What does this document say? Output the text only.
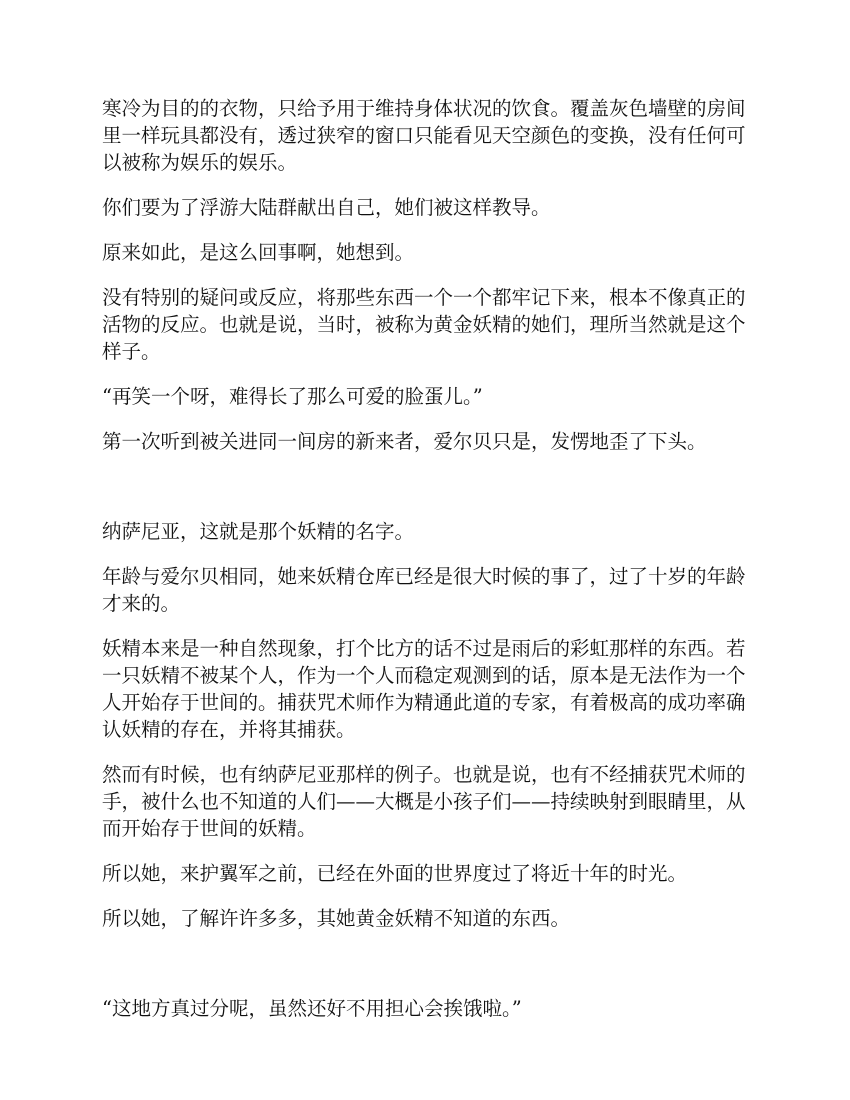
寒冷为目的的衣物，只给予用于维持身体状况的饮食。覆盖灰色墙壁的房间里一样玩具都没有，透过狭窄的窗口只能看见天空颜色的变换，没有任何可以被称为娱乐的娱乐。

你们要为了浮游大陆群献出自己，她们被这样教导。

原来如此，是这么回事啊，她想到。

没有特别的疑问或反应，将那些东西一个一个都牢记下来，根本不像真正的活物的反应。也就是说，当时，被称为黄金妖精的她们，理所当然就是这个样子。

“再笑一个呀，难得长了那么可爱的脸蛋儿。”

第一次听到被关进同一间房的新来者，爱尔贝只是，发愣地歪了下头。

纳萨尼亚，这就是那个妖精的名字。

年龄与爱尔贝相同，她来妖精仓库已经是很大时候的事了，过了十岁的年龄才来的。

妖精本来是一种自然现象，打个比方的话不过是雨后的彩虹那样的东西。若一只妖精不被某个人，作为一个人而稳定观测到的话，原本是无法作为一个人开始存于世间的。捕获咒术师作为精通此道的专家，有着极高的成功率确认妖精的存在，并将其捕获。

然而有时候，也有纳萨尼亚那样的例子。也就是说，也有不经捕获咒术师的手，被什么也不知道的人们——大概是小孩子们——持续映射到眼睛里，从而开始存于世间的妖精。

所以她，来护翼军之前，已经在外面的世界度过了将近十年的时光。

所以她，了解许许多多，其她黄金妖精不知道的东西。

“这地方真过分呢，虽然还好不用担心会挨饿啦。”
